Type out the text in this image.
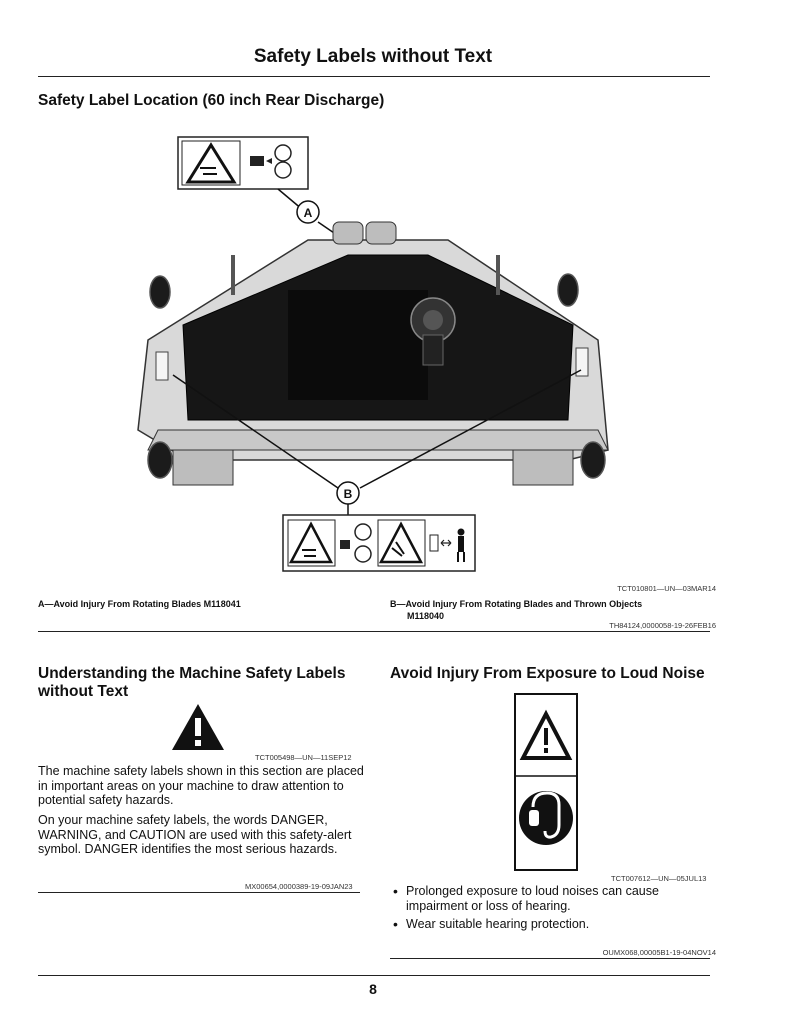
Safety Labels without Text
Safety Label Location (60 inch Rear Discharge)
A
B
TCT010801—UN—03MAR14
A—Avoid Injury From Rotating Blades M118041	B—Avoid Injury From Rotating Blades and Thrown Objects
M118040
TH84124,0000058-19-26FEB16
Understanding the Machine Safety Labels
without Text
TCT005498—UN—11SEP12
The machine safety labels shown in this section are placed in important areas on your machine to draw attention to potential safety hazards.
On your machine safety labels, the words DANGER, WARNING, and CAUTION are used with this safety-alert symbol. DANGER identifies the most serious hazards.
MX00654,0000389-19-09JAN23
Avoid Injury From Exposure to Loud Noise
TCT007612—UN—05JUL13
• Prolonged exposure to loud noises can cause impairment or loss of hearing.
• Wear suitable hearing protection.
OUMX068,00005B1-19-04NOV14
8
